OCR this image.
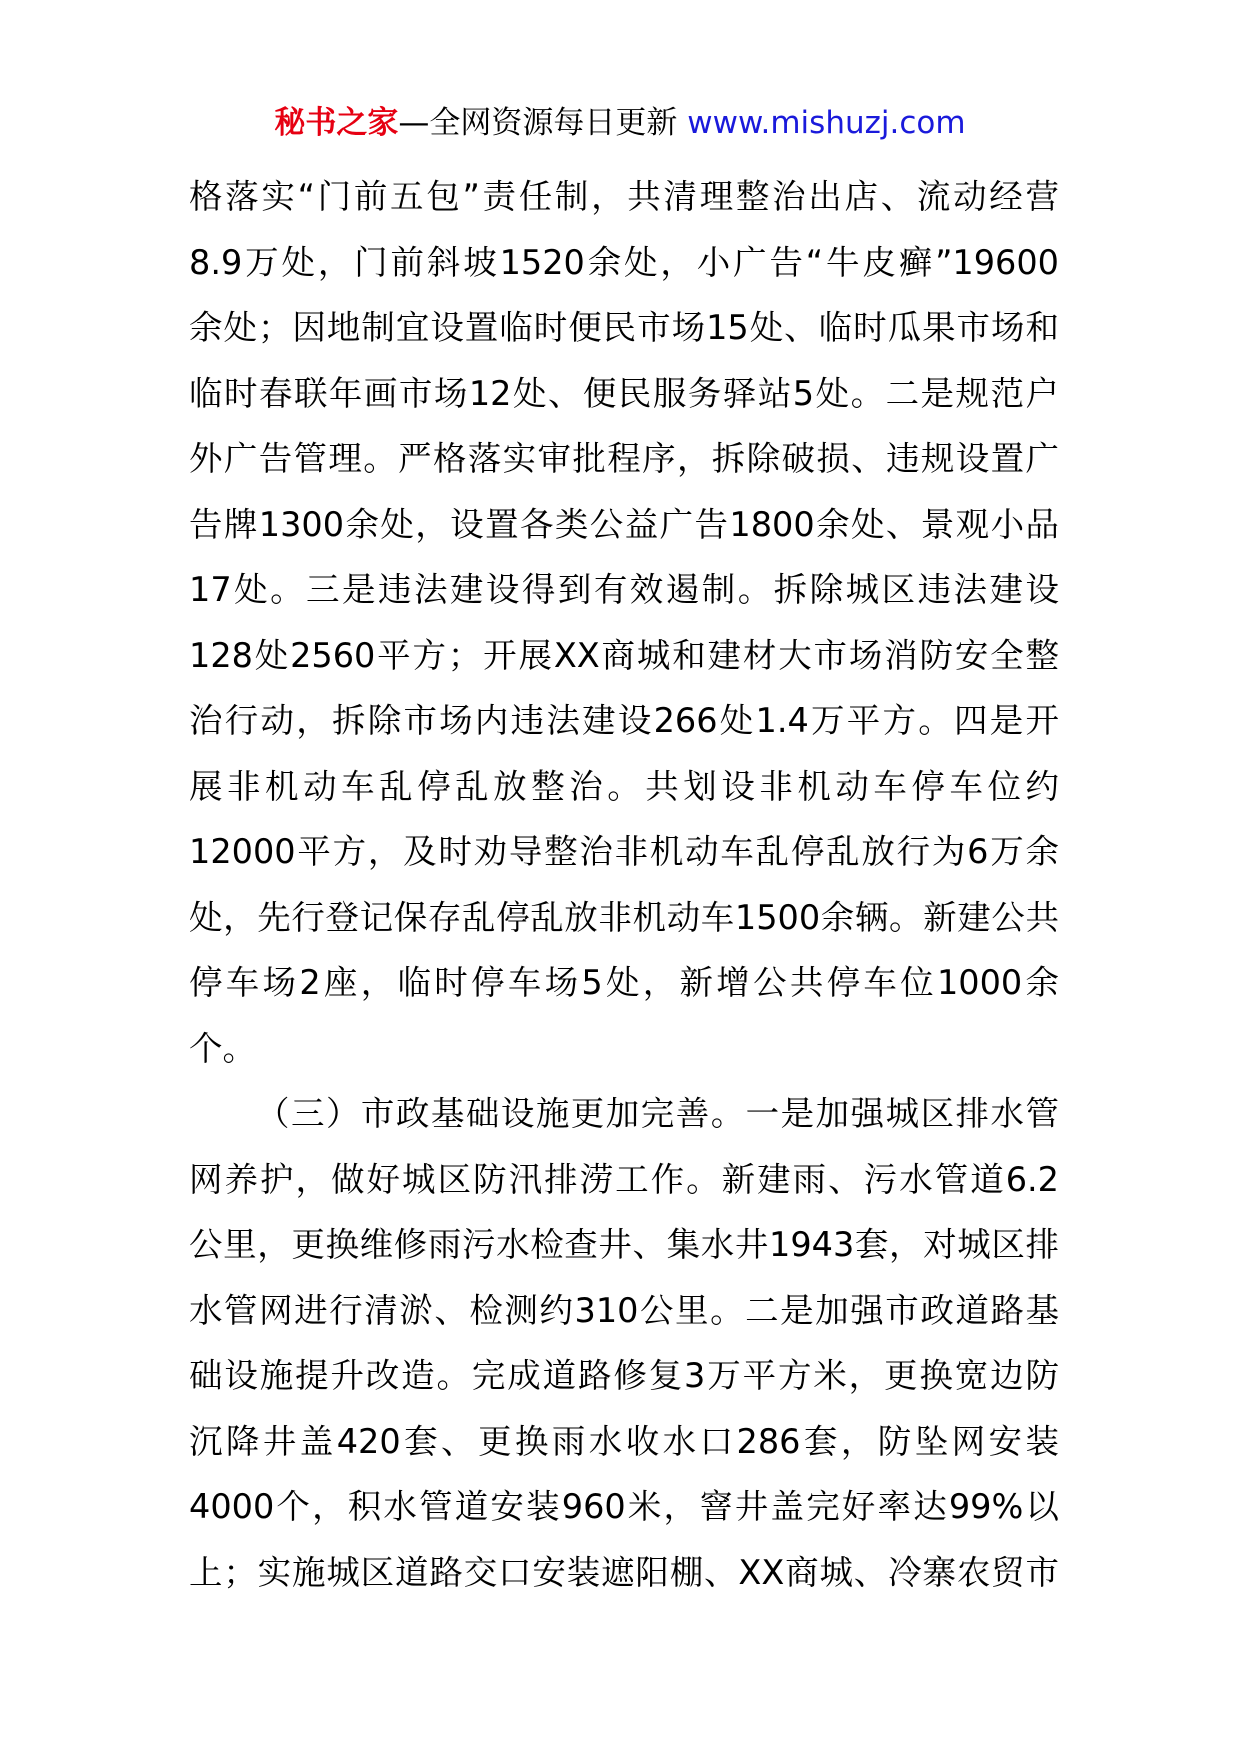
秘书之家—全网资源每日更新 www.mishuzj.com
格落实“门前五包”责任制，共清理整治出店、流动经营
8.9万处，门前斜坡1520余处，小广告“牛皮癣”19600
余处；因地制宜设置临时便民市场15处、临时瓜果市场和
临时春联年画市场12处、便民服务驿站5处。二是规范户
外广告管理。严格落实审批程序，拆除破损、违规设置广
告牌1300余处，设置各类公益广告1800余处、景观小品
17处。三是违法建设得到有效遏制。拆除城区违法建设
128处2560平方；开展XX商城和建材大市场消防安全整
治行动，拆除市场内违法建设266处1.4万平方。四是开
展非机动车乱停乱放整治。共划设非机动车停车位约
12000平方，及时劝导整治非机动车乱停乱放行为6万余
处，先行登记保存乱停乱放非机动车1500余辆。新建公共
停车场2座，临时停车场5处，新增公共停车位1000余
个。
（三）市政基础设施更加完善。一是加强城区排水管
网养护，做好城区防汛排涝工作。新建雨、污水管道6.2
公里，更换维修雨污水检查井、集水井1943套，对城区排
水管网进行清淤、检测约310公里。二是加强市政道路基
础设施提升改造。完成道路修复3万平方米，更换宽边防
沉降井盖420套、更换雨水收水口286套，防坠网安装
4000个，积水管道安装960米，窨井盖完好率达99%以
上；实施城区道路交口安装遮阳棚、XX商城、冷寨农贸市
